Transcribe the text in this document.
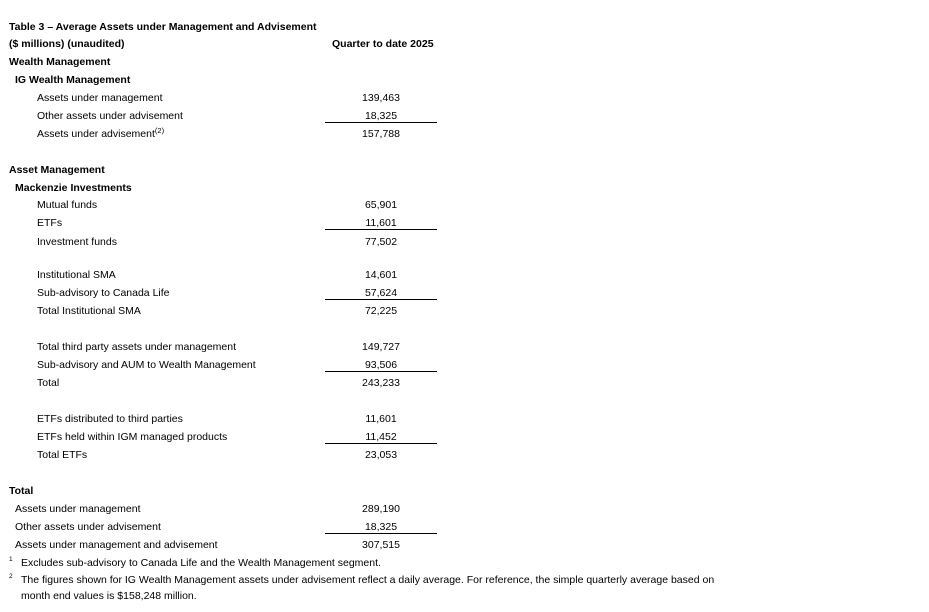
Table 3 – Average Assets under Management and Advisement
($ millions) (unaudited)	Quarter to date 2025
Wealth Management
IG Wealth Management
Assets under management	139,463
Other assets under advisement	18,325
Assets under advisement$^{(2)}$	157,788
Asset Management
Mackenzie Investments
Mutual funds	65,901
ETFs	11,601
Investment funds	77,502
Institutional SMA	14,601
Sub-advisory to Canada Life	57,624
Total Institutional SMA	72,225
Total third party assets under management	149,727
Sub-advisory and AUM to Wealth Management	93,506
Total	243,233
ETFs distributed to third parties	11,601
ETFs held within IGM managed products	11,452
Total ETFs	23,053
Total
Assets under management	289,190
Other assets under advisement	18,325
Assets under management and advisement	307,515
1 Excludes sub-advisory to Canada Life and the Wealth Management segment.
2 The figures shown for IG Wealth Management assets under advisement reflect a daily average. For reference, the simple quarterly average based on
month end values is $158,248 million.
